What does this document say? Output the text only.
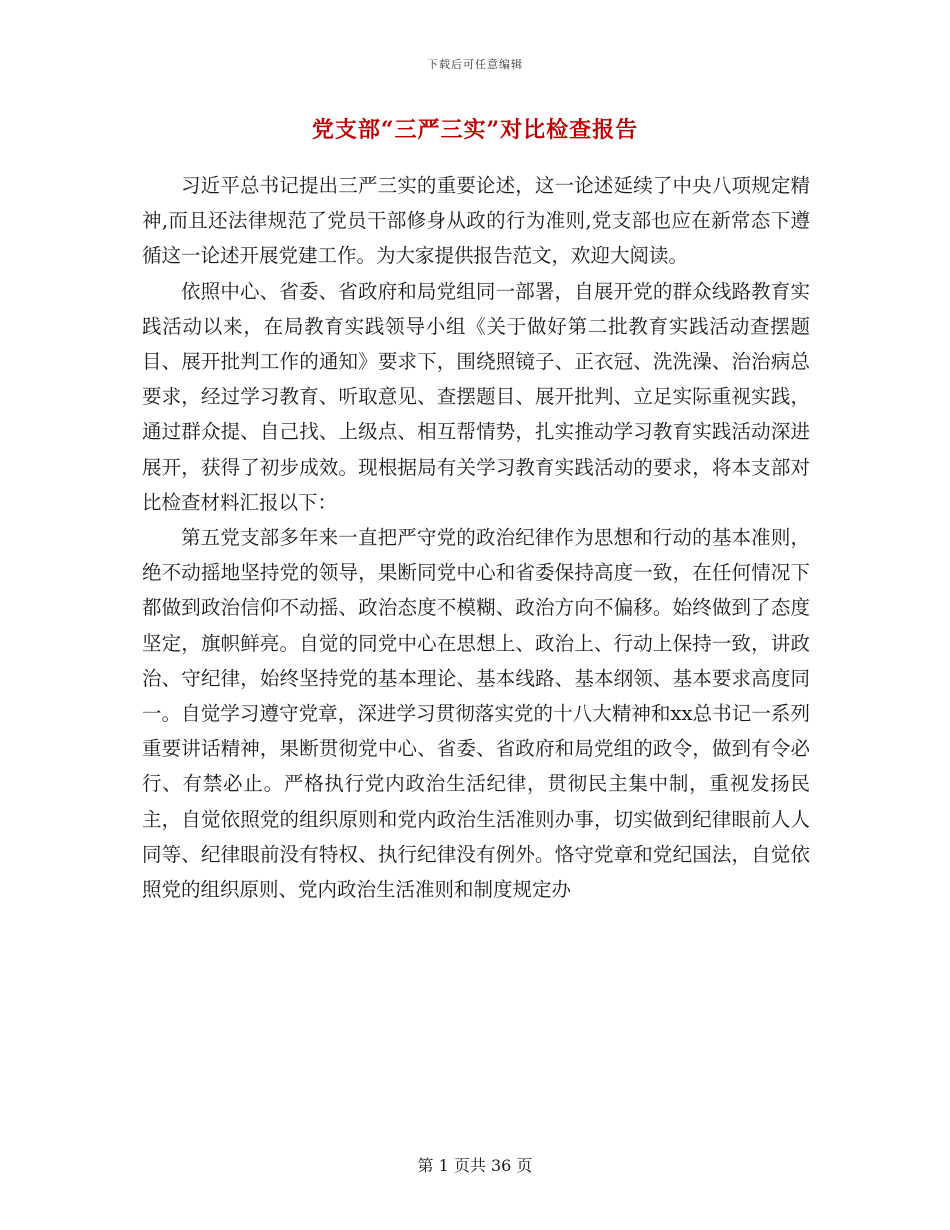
下载后可任意编辑
党支部“三严三实”对比检查报告

习近平总书记提出三严三实的重要论述，这一论述延续了中央八项规定精神,而且还法律规范了党员干部修身从政的行为准则,党支部也应在新常态下遵循这一论述开展党建工作。为大家提供报告范文，欢迎大阅读。

依照中心、省委、省政府和局党组同一部署，自展开党的群众线路教育实践活动以来，在局教育实践领导小组《关于做好第二批教育实践活动查摆题目、展开批判工作的通知》要求下，围绕照镜子、正衣冠、洗洗澡、治治病总要求，经过学习教育、听取意见、查摆题目、展开批判、立足实际重视实践，通过群众提、自己找、上级点、相互帮情势，扎实推动学习教育实践活动深进展开，获得了初步成效。现根据局有关学习教育实践活动的要求，将本支部对比检查材料汇报以下：

第五党支部多年来一直把严守党的政治纪律作为思想和行动的基本准则，绝不动摇地坚持党的领导，果断同党中心和省委保持高度一致，在任何情况下都做到政治信仰不动摇、政治态度不模糊、政治方向不偏移。始终做到了态度坚定，旗帜鲜亮。自觉的同党中心在思想上、政治上、行动上保持一致，讲政治、守纪律，始终坚持党的基本理论、基本线路、基本纲领、基本要求高度同一。自觉学习遵守党章，深进学习贯彻落实党的十八大精神和xx总书记一系列重要讲话精神，果断贯彻党中心、省委、省政府和局党组的政令，做到有令必行、有禁必止。严格执行党内政治生活纪律，贯彻民主集中制，重视发扬民主，自觉依照党的组织原则和党内政治生活准则办事，切实做到纪律眼前人人同等、纪律眼前没有特权、执行纪律没有例外。恪守党章和党纪国法，自觉依照党的组织原则、党内政治生活准则和制度规定办

第 1 页共 36 页
